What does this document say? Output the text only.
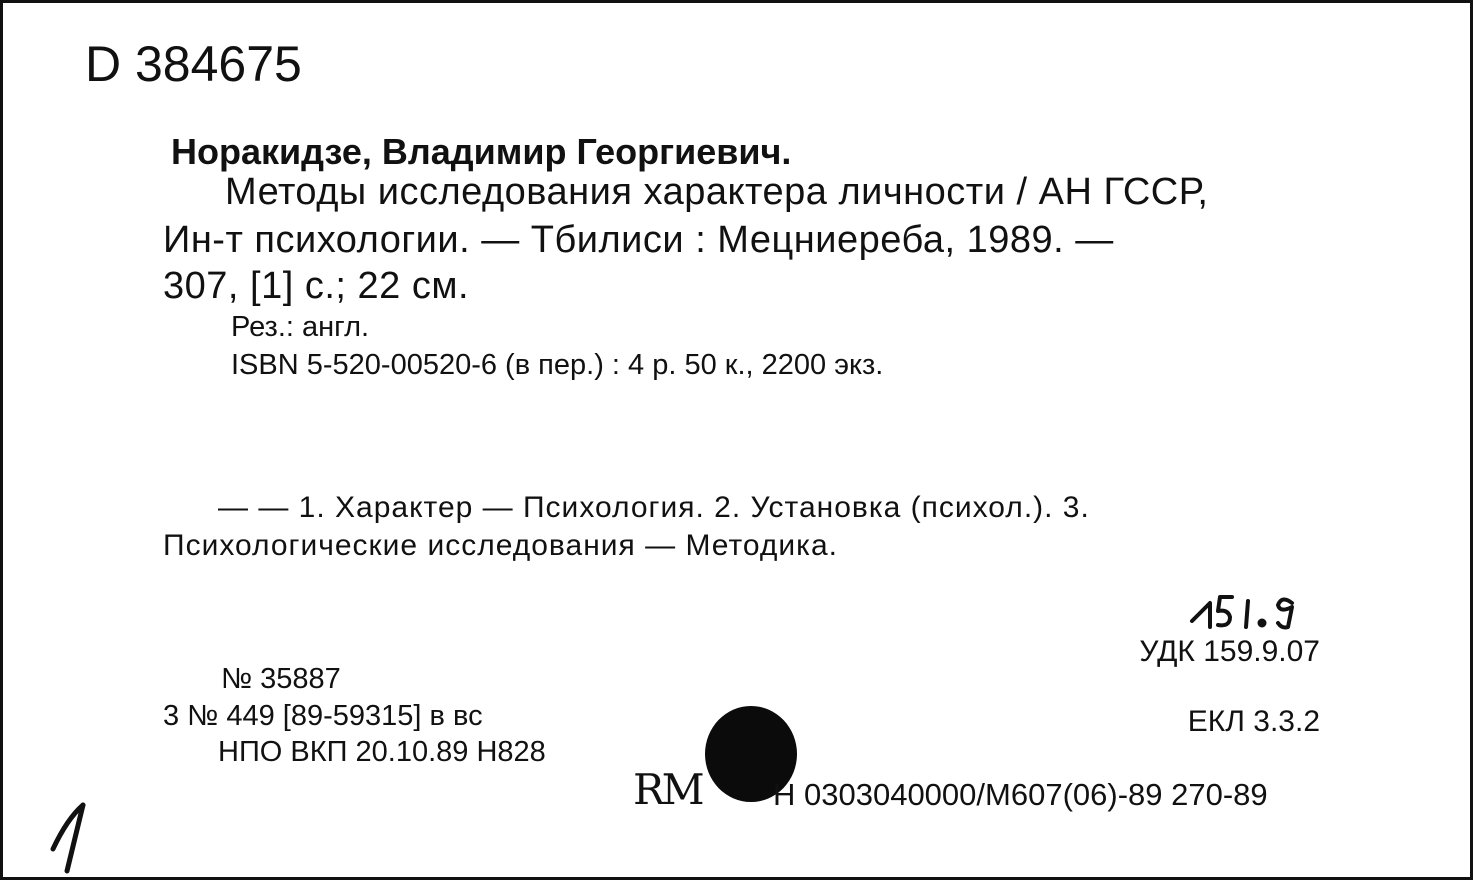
D 384675
Норакидзе, Владимир Георгиевич.
Методы исследования характера личности / АН ГССР,
Ин-т психологии. — Тбилиси : Мецниереба, 1989. —
307, [1] с.; 22 см.
Рез.: англ.
ISBN 5-520-00520-6 (в пер.) : 4 р. 50 к., 2200 экз.
— — 1. Характер — Психология. 2. Установка (психол.). 3.
Психологические исследования — Методика.
УДК 159.9.07
ЕКЛ 3.3.2
№ 35887
3 № 449 [89-59315] в вс
НПО ВКП 20.10.89 Н828
RM Н 0303040000/М607(06)-89 270-89
